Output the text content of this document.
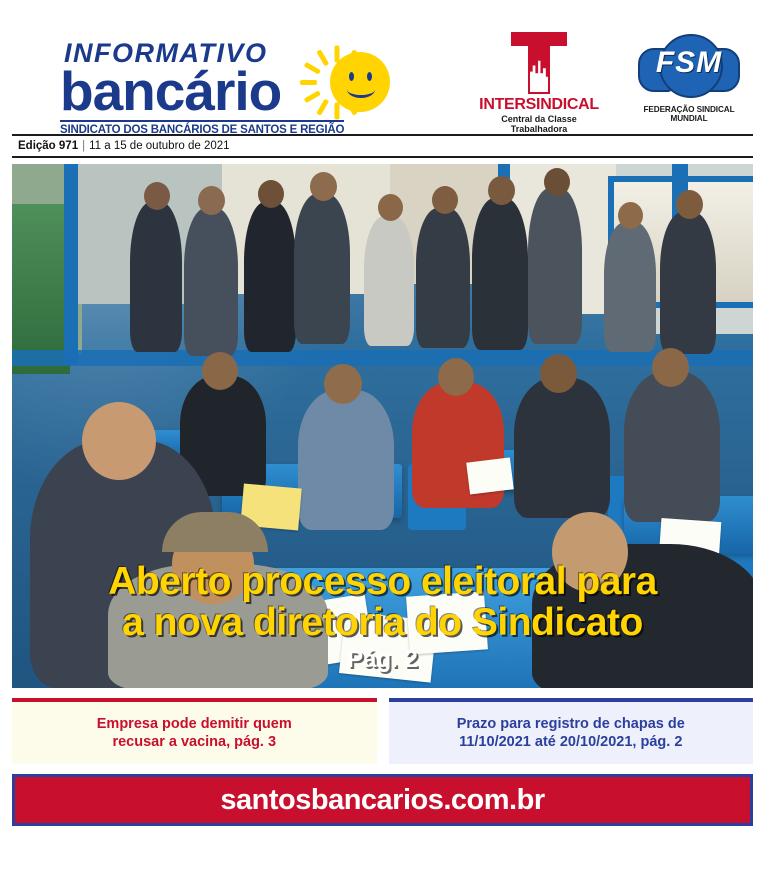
INFORMATIVO
bancário
SINDICATO DOS BANCÁRIOS DE SANTOS E REGIÃO
INTERSINDICAL
Central da Classe Trabalhadora
FSM
FEDERAÇÃO SINDICAL MUNDIAL
Edição 971 | 11 a 15 de outubro de 2021
Aberto processo eleitoral para
a nova diretoria do Sindicato
Pág. 2
Empresa pode demitir quem
recusar a vacina, pág. 3
Prazo para registro de chapas de
11/10/2021 até 20/10/2021, pág. 2
santosbancarios.com.br
